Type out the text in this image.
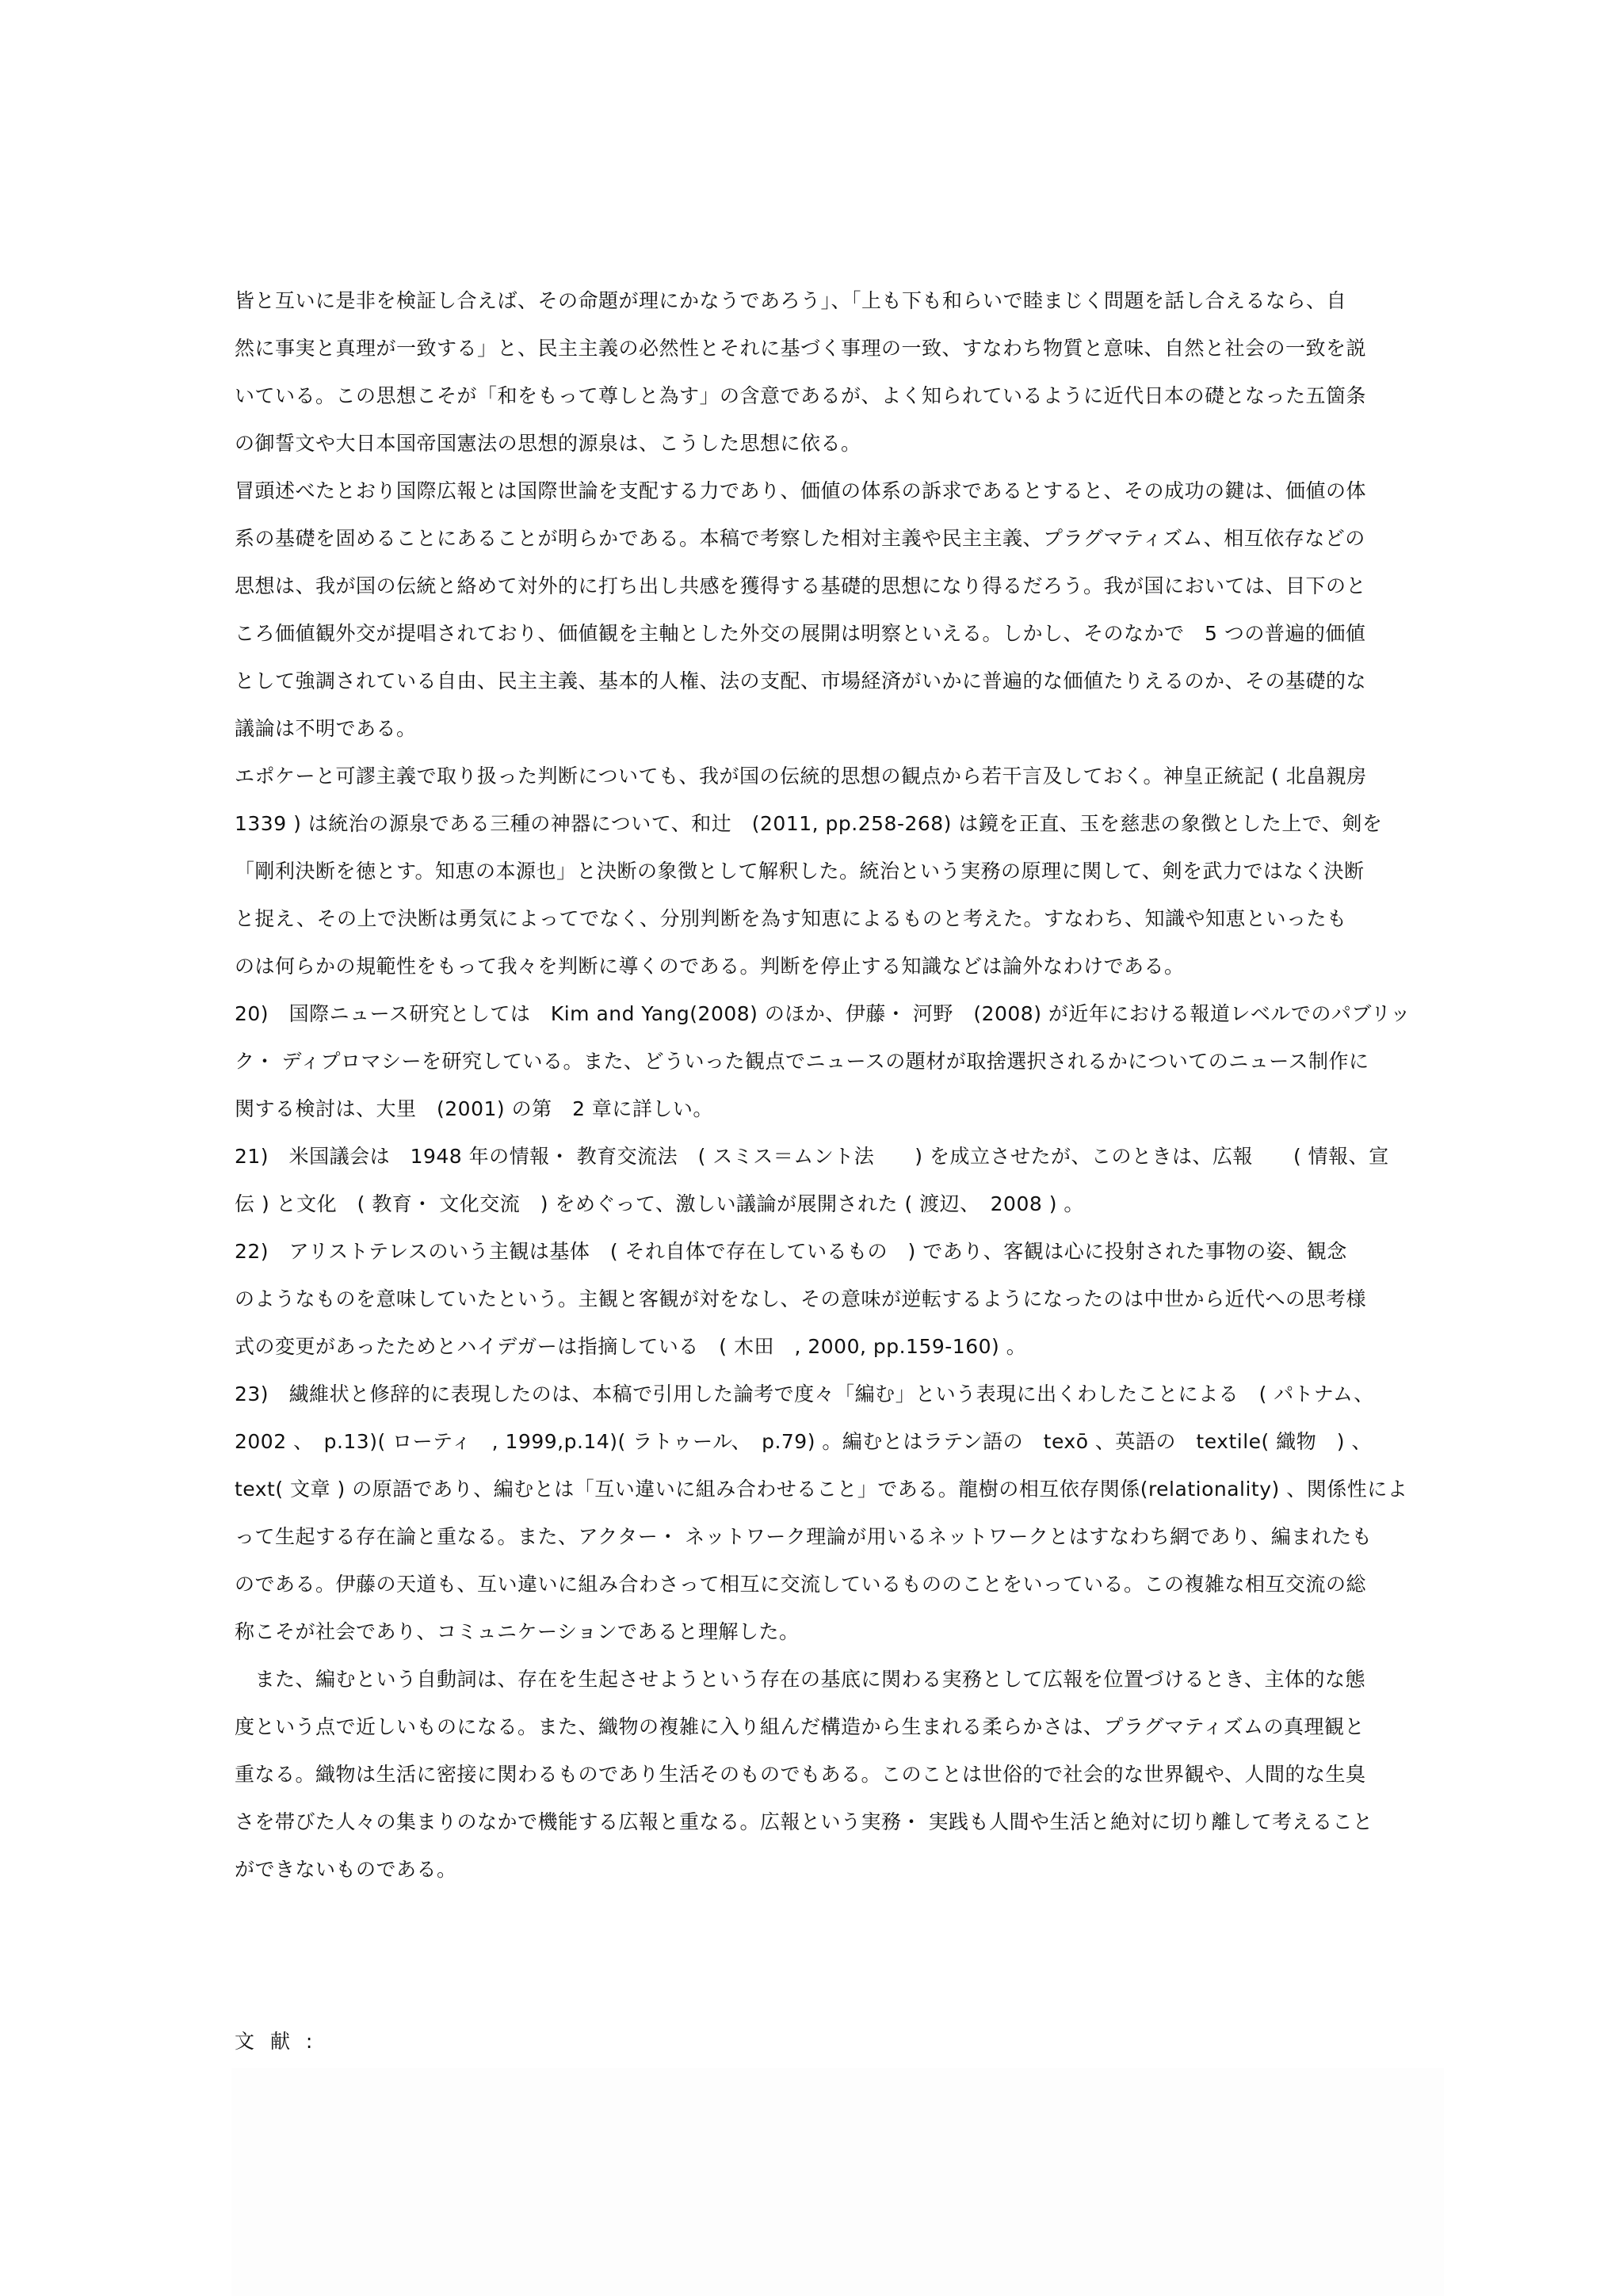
皆と互いに是非を検証し合えば、その命題が理にかなうであろう」、「上も下も和らいで睦まじく問題を話し合えるなら、自
然に事実と真理が一致する」と、民主主義の必然性とそれに基づく事理の一致、すなわち物質と意味、自然と社会の一致を説
いている。この思想こそが「和をもって尊しと為す」の含意であるが、よく知られているように近代日本の礎となった五箇条
の御誓文や大日本国帝国憲法の思想的源泉は、こうした思想に依る。
冒頭述べたとおり国際広報とは国際世論を支配する力であり、価値の体系の訴求であるとすると、その成功の鍵は、価値の体
系の基礎を固めることにあることが明らかである。本稿で考察した相対主義や民主主義、プラグマティズム、相互依存などの
思想は、我が国の伝統と絡めて対外的に打ち出し共感を獲得する基礎的思想になり得るだろう。我が国においては、目下のと
ころ価値観外交が提唱されており、価値観を主軸とした外交の展開は明察といえる。しかし、そのなかで　5 つの普遍的価値
として強調されている自由、民主主義、基本的人権、法の支配、市場経済がいかに普遍的な価値たりえるのか、その基礎的な
議論は不明である。
エポケーと可謬主義で取り扱った判断についても、我が国の伝統的思想の観点から若干言及しておく。神皇正統記 ( 北畠親房
1339 ) は統治の源泉である三種の神器について、和辻　(2011, pp.258-268) は鏡を正直、玉を慈悲の象徴とした上で、剣を
「剛利決断を徳とす。知恵の本源也」と決断の象徴として解釈した。統治という実務の原理に関して、剣を武力ではなく決断
と捉え、その上で決断は勇気によってでなく、分別判断を為す知恵によるものと考えた。すなわち、知識や知恵といったも
のは何らかの規範性をもって我々を判断に導くのである。判断を停止する知識などは論外なわけである。
20)　国際ニュース研究としては　Kim and Yang(2008) のほか、伊藤・ 河野　(2008) が近年における報道レベルでのパブリッ
ク・ ディプロマシーを研究している。また、どういった観点でニュースの題材が取捨選択されるかについてのニュース制作に
関する検討は、大里　(2001) の第　2 章に詳しい。
21)　米国議会は　1948 年の情報・ 教育交流法　( スミス＝ムント法　　) を成立させたが、このときは、広報　　( 情報、宣
伝 ) と文化　( 教育・ 文化交流　) をめぐって、激しい議論が展開された ( 渡辺、　2008 ) 。
22)　アリストテレスのいう主観は基体　( それ自体で存在しているもの　) であり、客観は心に投射された事物の姿、観念
のようなものを意味していたという。主観と客観が対をなし、その意味が逆転するようになったのは中世から近代への思考様
式の変更があったためとハイデガーは指摘している　( 木田　, 2000, pp.159-160) 。
23)　繊維状と修辞的に表現したのは、本稿で引用した論考で度々「編む」という表現に出くわしたことによる　( パトナム、
2002 、　p.13)( ローティ　, 1999,p.14)( ラトゥール、　p.79) 。編むとはラテン語の　texō 、英語の　textile( 織物　) 、
text( 文章 ) の原語であり、編むとは「互い違いに組み合わせること」である。龍樹の相互依存関係(relationality) 、関係性によ
って生起する存在論と重なる。また、アクター・ ネットワーク理論が用いるネットワークとはすなわち網であり、編まれたも
のである。伊藤の天道も、互い違いに組み合わさって相互に交流しているもののことをいっている。この複雑な相互交流の総
称こそが社会であり、コミュニケーションであると理解した。
　また、編むという自動詞は、存在を生起させようという存在の基底に関わる実務として広報を位置づけるとき、主体的な態
度という点で近しいものになる。また、織物の複雑に入り組んだ構造から生まれる柔らかさは、プラグマティズムの真理観と
重なる。織物は生活に密接に関わるものであり生活そのものでもある。このことは世俗的で社会的な世界観や、人間的な生臭
さを帯びた人々の集まりのなかで機能する広報と重なる。広報という実務・ 実践も人間や生活と絶対に切り離して考えること
ができないものである。
文 献 :
